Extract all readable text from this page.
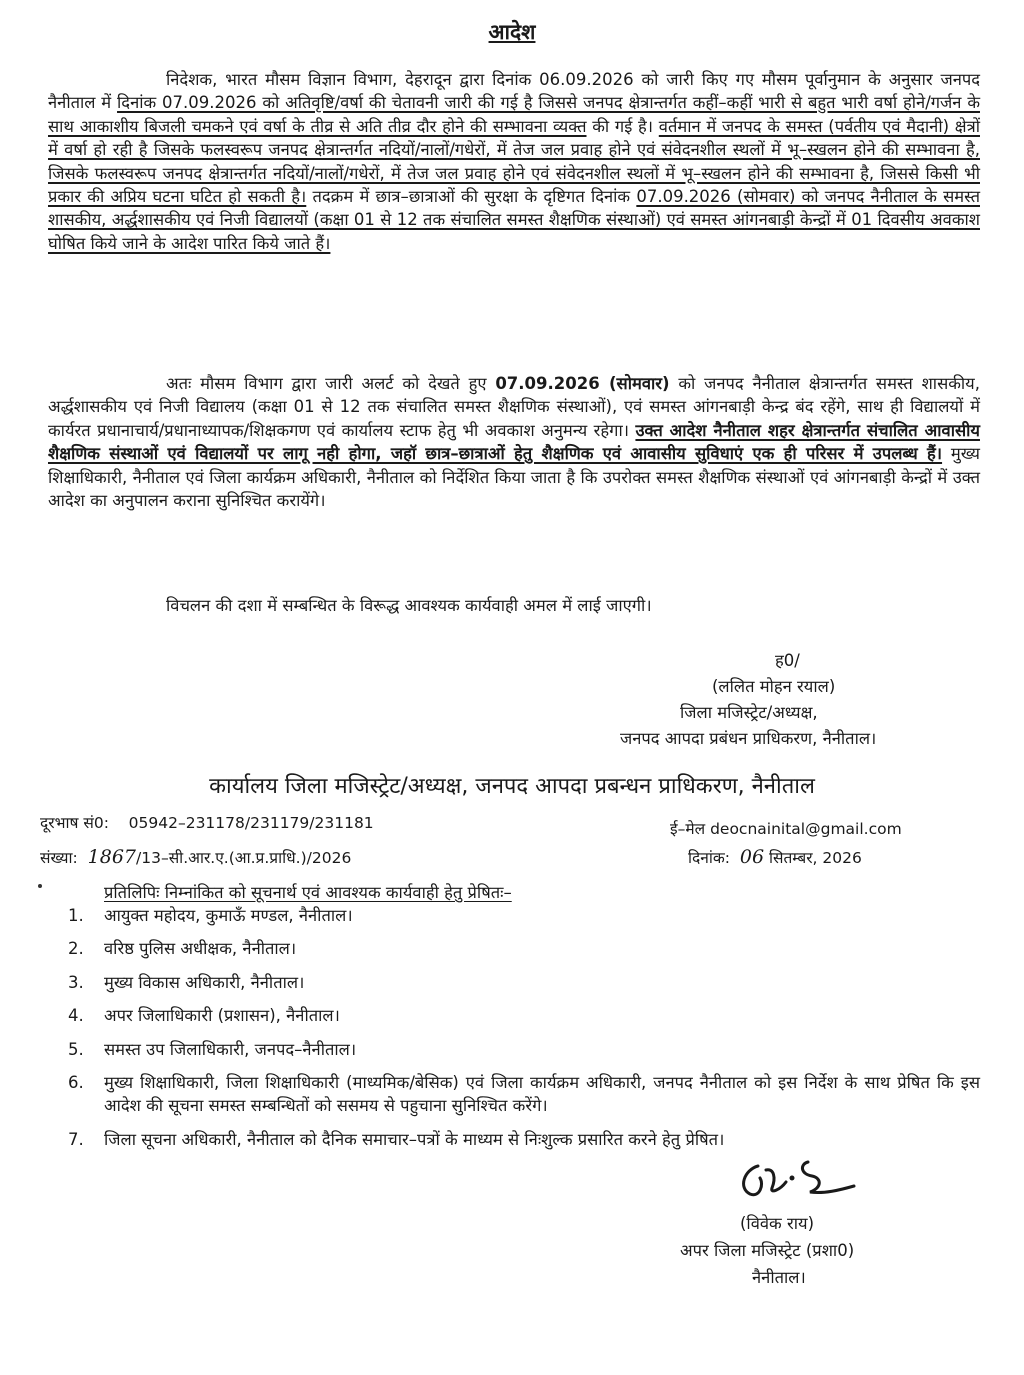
आदेश

निदेशक, भारत मौसम विज्ञान विभाग, देहरादून द्वारा दिनांक 06.09.2026 को जारी किए गए मौसम पूर्वानुमान के अनुसार जनपद नैनीताल में दिनांक 07.09.2026 को अतिवृष्टि/वर्षा की चेतावनी जारी की गई है जिससे जनपद क्षेत्रान्तर्गत कहीं–कहीं भारी से बहुत भारी वर्षा होने/गर्जन के साथ आकाशीय बिजली चमकने एवं वर्षा के तीव्र से अति तीव्र दौर होने की सम्भावना व्यक्त की गई है। वर्तमान में जनपद के समस्त (पर्वतीय एवं मैदानी) क्षेत्रों में वर्षा हो रही है जिसके फलस्वरूप जनपद क्षेत्रान्तर्गत नदियों/नालों/गधेरों, में तेज जल प्रवाह होने एवं संवेदनशील स्थलों में भू–स्खलन होने की सम्भावना है, जिसके फलस्वरूप जनपद क्षेत्रान्तर्गत नदियों/नालों/गधेरों, में तेज जल प्रवाह होने एवं संवेदनशील स्थलों में भू–स्खलन होने की सम्भावना है, जिससे किसी भी प्रकार की अप्रिय घटना घटित हो सकती है। तदक्रम में छात्र–छात्राओं की सुरक्षा के दृष्टिगत दिनांक 07.09.2026 (सोमवार) को जनपद नैनीताल के समस्त शासकीय, अर्द्धशासकीय एवं निजी विद्यालयों (कक्षा 01 से 12 तक संचालित समस्त शैक्षणिक संस्थाओं) एवं समस्त आंगनबाड़ी केन्द्रों में 01 दिवसीय अवकाश घोषित किये जाने के आदेश पारित किये जाते हैं।

अतः मौसम विभाग द्वारा जारी अलर्ट को देखते हुए 07.09.2026 (सोमवार) को जनपद नैनीताल क्षेत्रान्तर्गत समस्त शासकीय, अर्द्धशासकीय एवं निजी विद्यालय (कक्षा 01 से 12 तक संचालित समस्त शैक्षणिक संस्थाओं), एवं समस्त आंगनबाड़ी केन्द्र बंद रहेंगे, साथ ही विद्यालयों में कार्यरत प्रधानाचार्य/प्रधानाध्यापक/शिक्षकगण एवं कार्यालय स्टाफ हेतु भी अवकाश अनुमन्य रहेगा। उक्त आदेश नैनीताल शहर क्षेत्रान्तर्गत संचालित आवासीय शैक्षणिक संस्थाओं एवं विद्यालयों पर लागू नही होगा, जहॉ छात्र–छात्राओं हेतु शैक्षणिक एवं आवासीय सुविधाएं एक ही परिसर में उपलब्ध हैं। मुख्य शिक्षाधिकारी, नैनीताल एवं जिला कार्यक्रम अधिकारी, नैनीताल को निर्देशित किया जाता है कि उपरोक्त समस्त शैक्षणिक संस्थाओं एवं आंगनबाड़ी केन्द्रों में उक्त आदेश का अनुपालन कराना सुनिश्चित करायेंगे।

विचलन की दशा में सम्बन्धित के विरूद्ध आवश्यक कार्यवाही अमल में लाई जाएगी।

ह0/
(ललित मोहन रयाल)
जिला मजिस्ट्रेट/अध्यक्ष,
जनपद आपदा प्रबंधन प्राधिकरण, नैनीताल।
कार्यालय जिला मजिस्ट्रेट/अध्यक्ष, जनपद आपदा प्रबन्धन प्राधिकरण, नैनीताल
दूरभाष सं0: 05942–231178/231179/231181	ई–मेल deocnainital@gmail.com
संख्या: 1867/13–सी.आर.ए.(आ.प्र.प्राधि.)/2026	दिनांक: 06 सितम्बर, 2026
प्रतिलिपिः निम्नांकित को सूचनार्थ एवं आवश्यक कार्यवाही हेतु प्रेषितः–
1. आयुक्त महोदय, कुमाऊँ मण्डल, नैनीताल।
2. वरिष्ठ पुलिस अधीक्षक, नैनीताल।
3. मुख्य विकास अधिकारी, नैनीताल।
4. अपर जिलाधिकारी (प्रशासन), नैनीताल।
5. समस्त उप जिलाधिकारी, जनपद–नैनीताल।
6. मुख्य शिक्षाधिकारी, जिला शिक्षाधिकारी (माध्यमिक/बेसिक) एवं जिला कार्यक्रम अधिकारी, जनपद नैनीताल को इस निर्देश के साथ प्रेषित कि इस आदेश की सूचना समस्त सम्बन्धितों को ससमय से पहुचाना सुनिश्चित करेंगे।
7. जिला सूचना अधिकारी, नैनीताल को दैनिक समाचार–पत्रों के माध्यम से निःशुल्क प्रसारित करने हेतु प्रेषित।
(विवेक राय)
अपर जिला मजिस्ट्रेट (प्रशा0)
नैनीताल।
